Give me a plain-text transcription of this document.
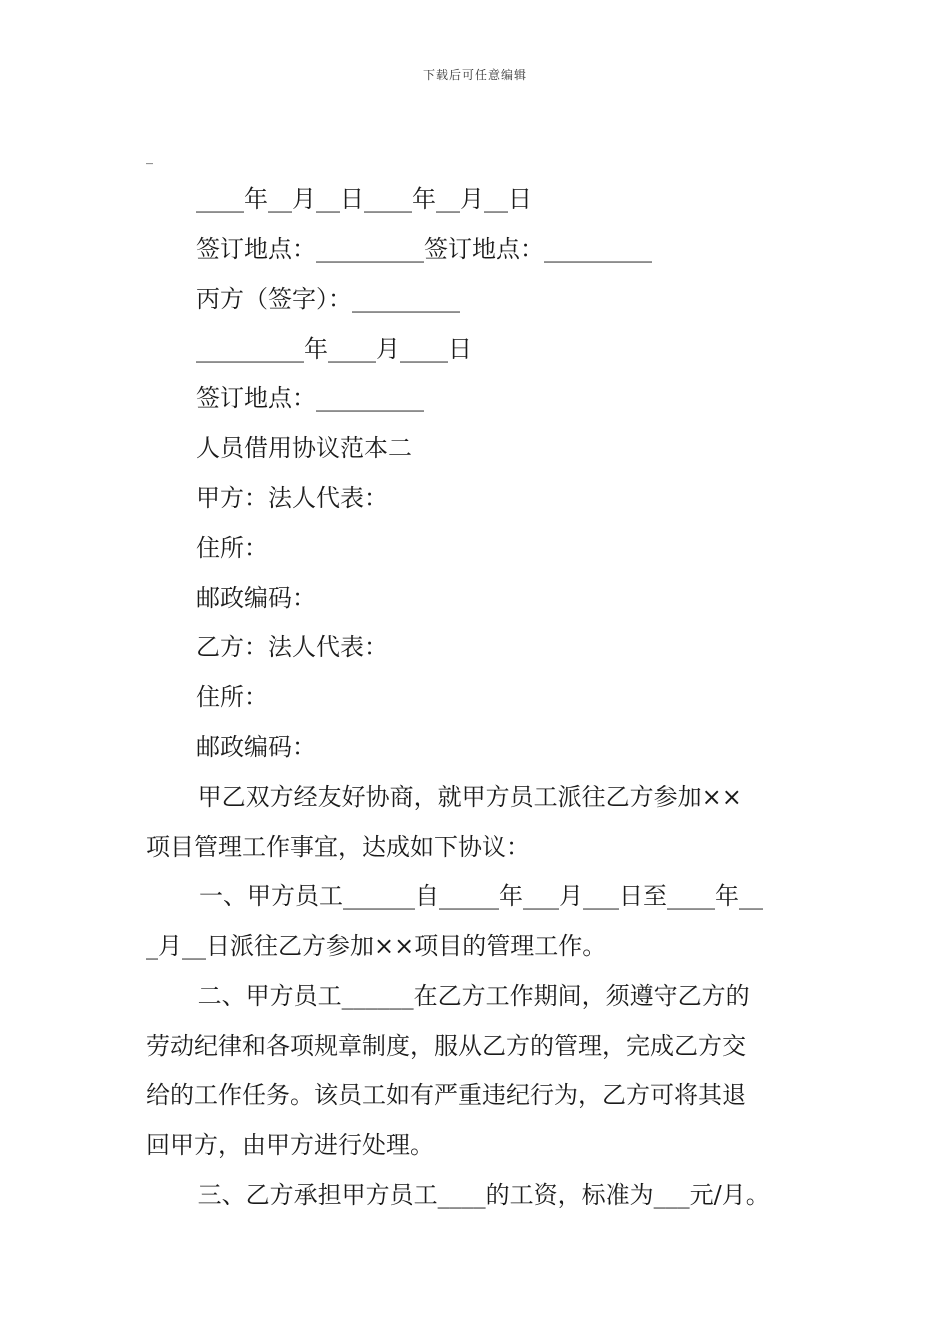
下载后可任意编辑
_
____年__月__日____年__月__日
签订地点：_________签订地点：_________
丙方（签字）：_________
_________年____月____日
签订地点：_________
人员借用协议范本二
甲方：法人代表：
住所：
邮政编码：
乙方：法人代表：
住所：
邮政编码：
甲乙双方经友好协商，就甲方员工派往乙方参加××
项目管理工作事宜，达成如下协议：
一、甲方员工______自_____年___月___日至____年__
_月__日派往乙方参加××项目的管理工作。
二、甲方员工______在乙方工作期间，须遵守乙方的
劳动纪律和各项规章制度，服从乙方的管理，完成乙方交
给的工作任务。该员工如有严重违纪行为，乙方可将其退
回甲方，由甲方进行处理。
三、乙方承担甲方员工____的工资，标准为___元/月。
